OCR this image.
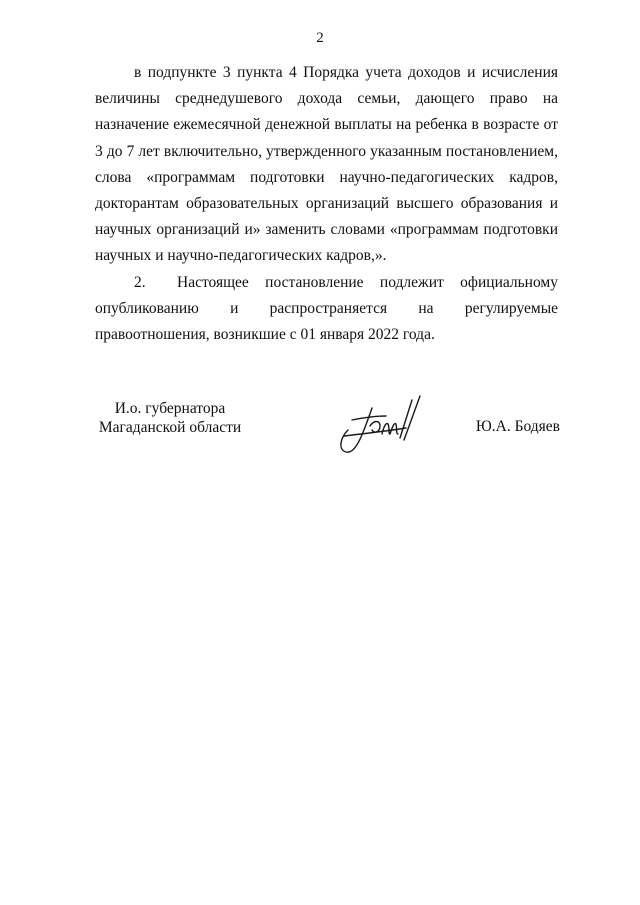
2

в подпункте 3 пункта 4 Порядка учета доходов и исчисления величины среднедушевого дохода семьи, дающего право на назначение ежемесячной денежной выплаты на ребенка в возрасте от 3 до 7 лет включительно, утвержденного указанным постановлением, слова «программам подготовки научно-педагогических кадров, докторантам образовательных организаций высшего образования и научных организаций и» заменить словами «программам подготовки научных и научно-педагогических кадров,».

2. Настоящее постановление подлежит официальному опубликованию и распространяется на регулируемые правоотношения, возникшие с 01 января 2022 года.

И.о. губернатора
Магаданской области	Ю.А. Бодяев
